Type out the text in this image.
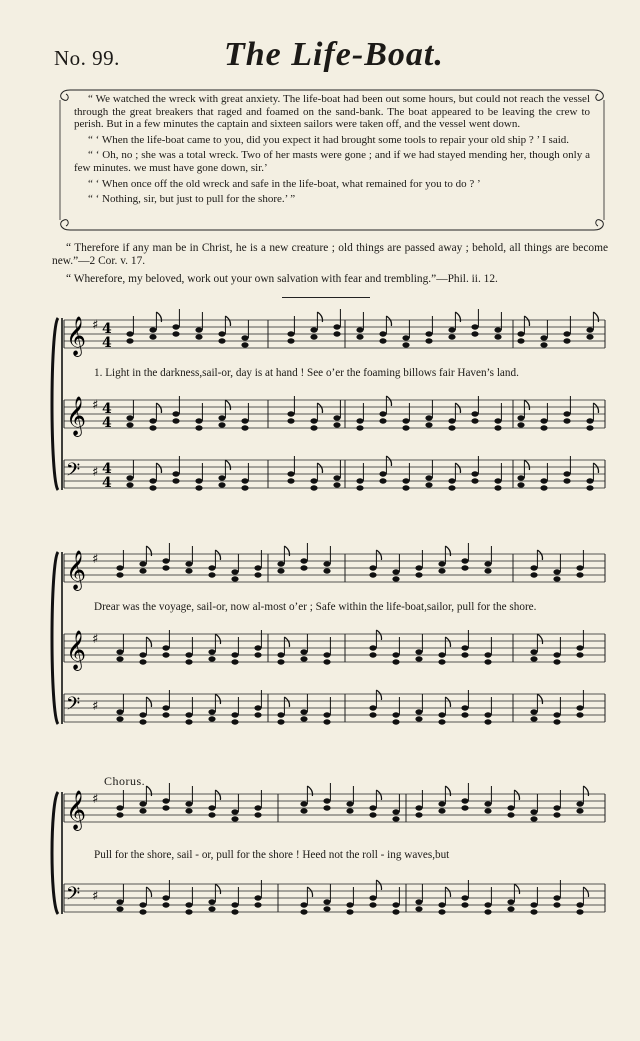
No. 99.	The Life-Boat.

“ We watched the wreck with great anxiety. The life-boat had been out some hours, but could not reach the vessel through the great breakers that raged and foamed on the sand-bank. The boat appeared to be leaving the crew to perish. But in a few minutes the captain and sixteen sailors were taken off, and the vessel went down.

“ ‘ When the life-boat came to you, did you expect it had brought some tools to repair your old ship ? ’ I said.

“ ‘ Oh, no ; she was a total wreck. Two of her masts were gone ; and if we had stayed mending her, though only a few minutes. we must have gone down, sir.’

“ ‘ When once off the old wreck and safe in the life-boat, what remained for you to do ? ’

“ ‘ Nothing, sir, but just to pull for the shore.’ ”

“ Therefore if any man be in Christ, he is a new creature ; old things are passed away ; behold, all things are become new.”—2 Cor. v. 17.

“ Wherefore, my beloved, work out your own salvation with fear and trembling.”—Phil. ii. 12.

𝄞 ♯ 4
4
𝄞 ♯ 4
4
𝄢 ♯ 4
4
1. Light in the darkness,sail-or, day is at hand ! See o’er the foaming billows fair Haven’s land.
𝄞 ♯
𝄞 ♯
𝄢 ♯
Drear was the voyage, sail-or, now al-most o’er ; Safe within the life-boat,sailor, pull for the shore.
Chorus.
𝄞 ♯
𝄢 ♯
Pull for the shore, sail - or, pull for the shore ! Heed not the roll - ing waves,but
